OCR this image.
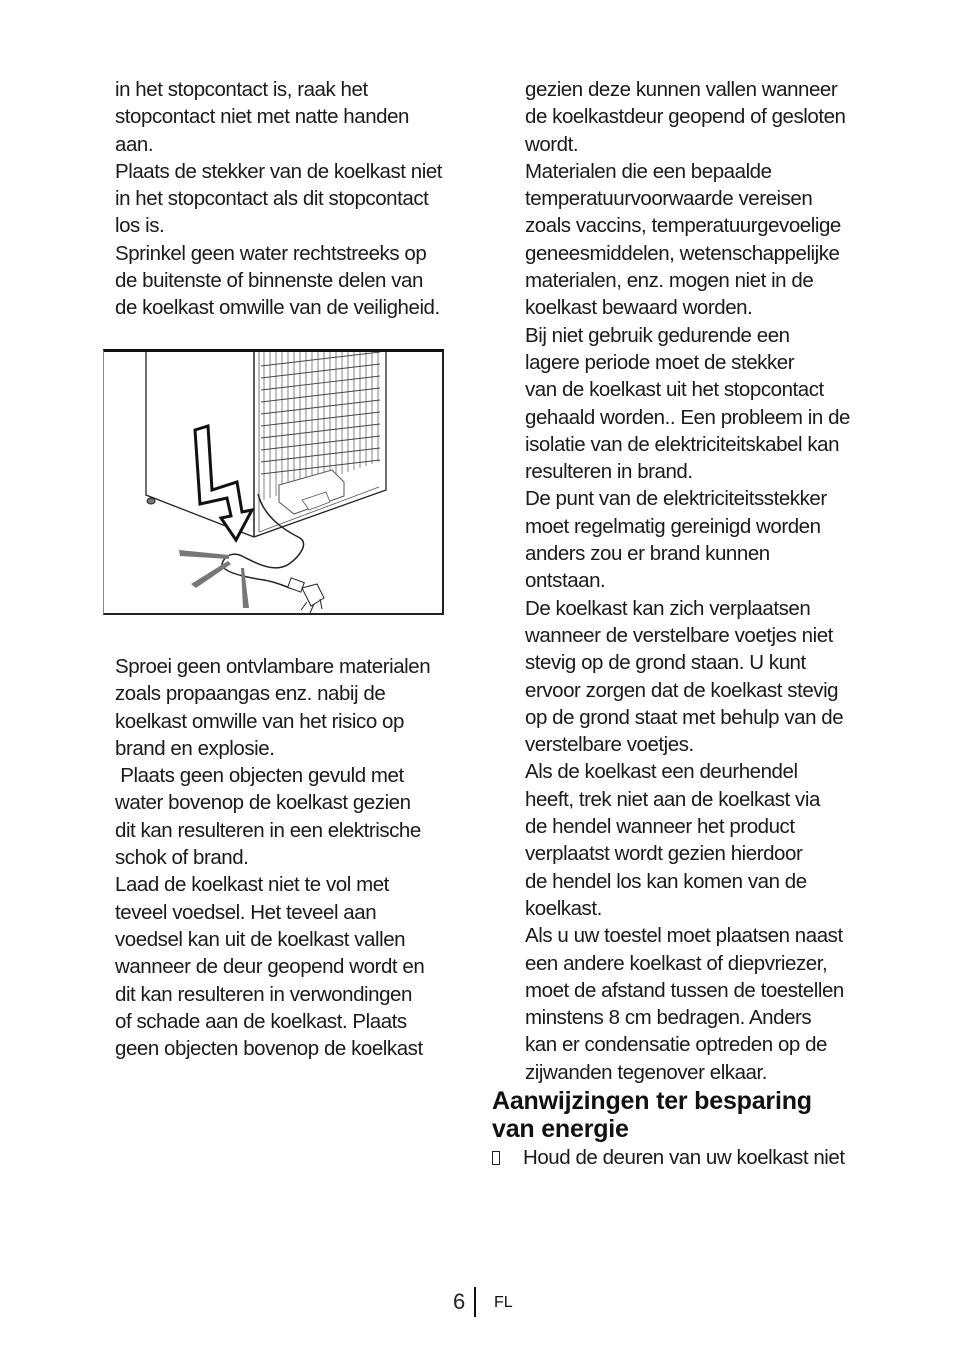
in het stopcontact is, raak het
stopcontact niet met natte handen
aan.
Plaats de stekker van de koelkast niet
in het stopcontact als dit stopcontact
los is.
Sprinkel geen water rechtstreeks op
de buitenste of binnenste delen van
de koelkast omwille van de veiligheid.
Sproei geen ontvlambare materialen
zoals propaangas enz. nabij de
koelkast omwille van het risico op
brand en explosie.
Plaats geen objecten gevuld met
water bovenop de koelkast gezien
dit kan resulteren in een elektrische
schok of brand.
Laad de koelkast niet te vol met
teveel voedsel. Het teveel aan
voedsel kan uit de koelkast vallen
wanneer de deur geopend wordt en
dit kan resulteren in verwondingen
of schade aan de koelkast. Plaats
geen objecten bovenop de koelkast
gezien deze kunnen vallen wanneer
de koelkastdeur geopend of gesloten
wordt.
Materialen die een bepaalde
temperatuurvoorwaarde vereisen
zoals vaccins, temperatuurgevoelige
geneesmiddelen, wetenschappelijke
materialen, enz. mogen niet in de
koelkast bewaard worden.
Bij niet gebruik gedurende een
lagere periode moet de stekker
van de koelkast uit het stopcontact
gehaald worden.. Een probleem in de
isolatie van de elektriciteitskabel kan
resulteren in brand.
De punt van de elektriciteitsstekker
moet regelmatig gereinigd worden
anders zou er brand kunnen
ontstaan.
De koelkast kan zich verplaatsen
wanneer de verstelbare voetjes niet
stevig op de grond staan. U kunt
ervoor zorgen dat de koelkast stevig
op de grond staat met behulp van de
verstelbare voetjes.
Als de koelkast een deurhendel
heeft, trek niet aan de koelkast via
de hendel wanneer het product
verplaatst wordt gezien hierdoor
de hendel los kan komen van de
koelkast.
Als u uw toestel moet plaatsen naast
een andere koelkast of diepvriezer,
moet de afstand tussen de toestellen
minstens 8 cm bedragen. Anders
kan er condensatie optreden op de
zijwanden tegenover elkaar.
Aanwijzingen ter besparing
van energie
Houd de deuren van uw koelkast niet
6 FL
